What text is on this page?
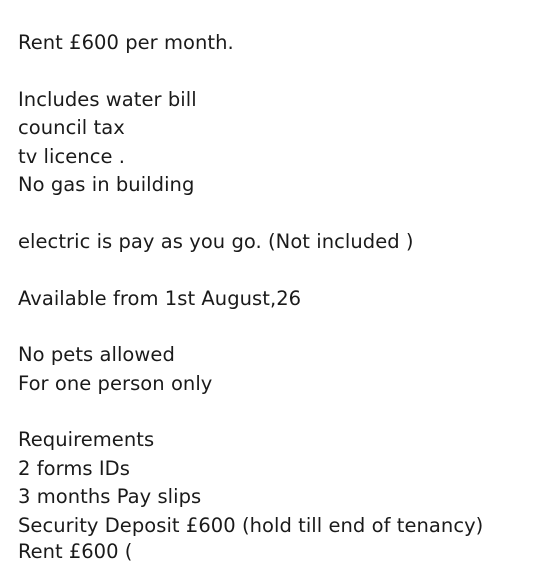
Rent £600 per month.
Includes water bill
council tax
tv licence .
No gas in building
electric is pay as you go. (Not included )
Available from 1st August,26
No pets allowed
For one person only
Requirements
2 forms IDs
3 months Pay slips
Security Deposit £600 (hold till end of tenancy)
Rent £600 (
